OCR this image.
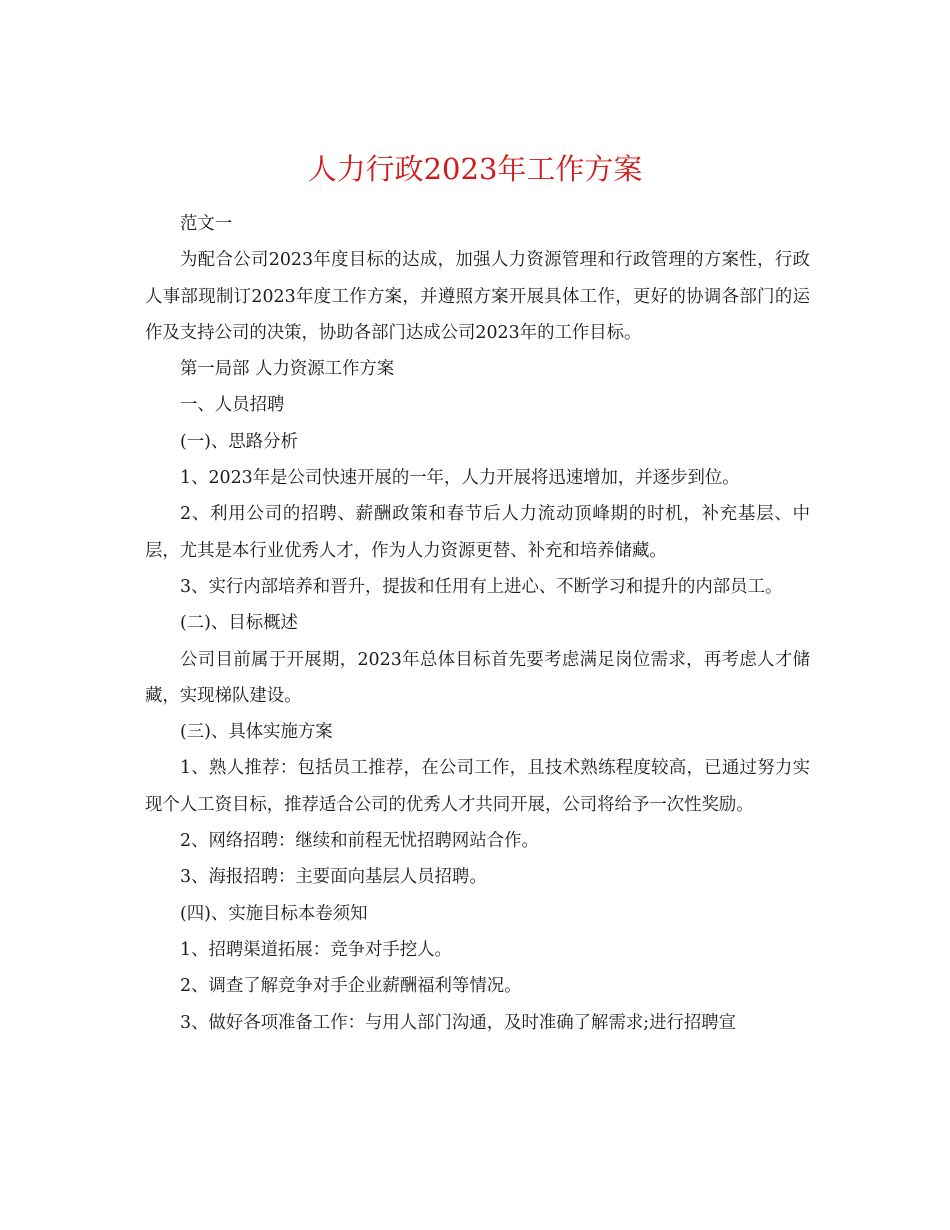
人力行政2023年工作方案

范文一

为配合公司2023年度目标的达成，加强人力资源管理和行政管理的方案性，行政人事部现制订2023年度工作方案，并遵照方案开展具体工作，更好的协调各部门的运作及支持公司的决策，协助各部门达成公司2023年的工作目标。

第一局部 人力资源工作方案

一、人员招聘

(一)、思路分析

1、2023年是公司快速开展的一年，人力开展将迅速增加，并逐步到位。

2、利用公司的招聘、薪酬政策和春节后人力流动顶峰期的时机，补充基层、中层，尤其是本行业优秀人才，作为人力资源更替、补充和培养储藏。

3、实行内部培养和晋升，提拔和任用有上进心、不断学习和提升的内部员工。

(二)、目标概述

公司目前属于开展期，2023年总体目标首先要考虑满足岗位需求，再考虑人才储藏，实现梯队建设。

(三)、具体实施方案

1、熟人推荐：包括员工推荐，在公司工作，且技术熟练程度较高，已通过努力实现个人工资目标，推荐适合公司的优秀人才共同开展，公司将给予一次性奖励。

2、网络招聘：继续和前程无忧招聘网站合作。

3、海报招聘：主要面向基层人员招聘。

(四)、实施目标本卷须知

1、招聘渠道拓展：竞争对手挖人。

2、调查了解竞争对手企业薪酬福利等情况。

3、做好各项准备工作：与用人部门沟通，及时准确了解需求;进行招聘宣
